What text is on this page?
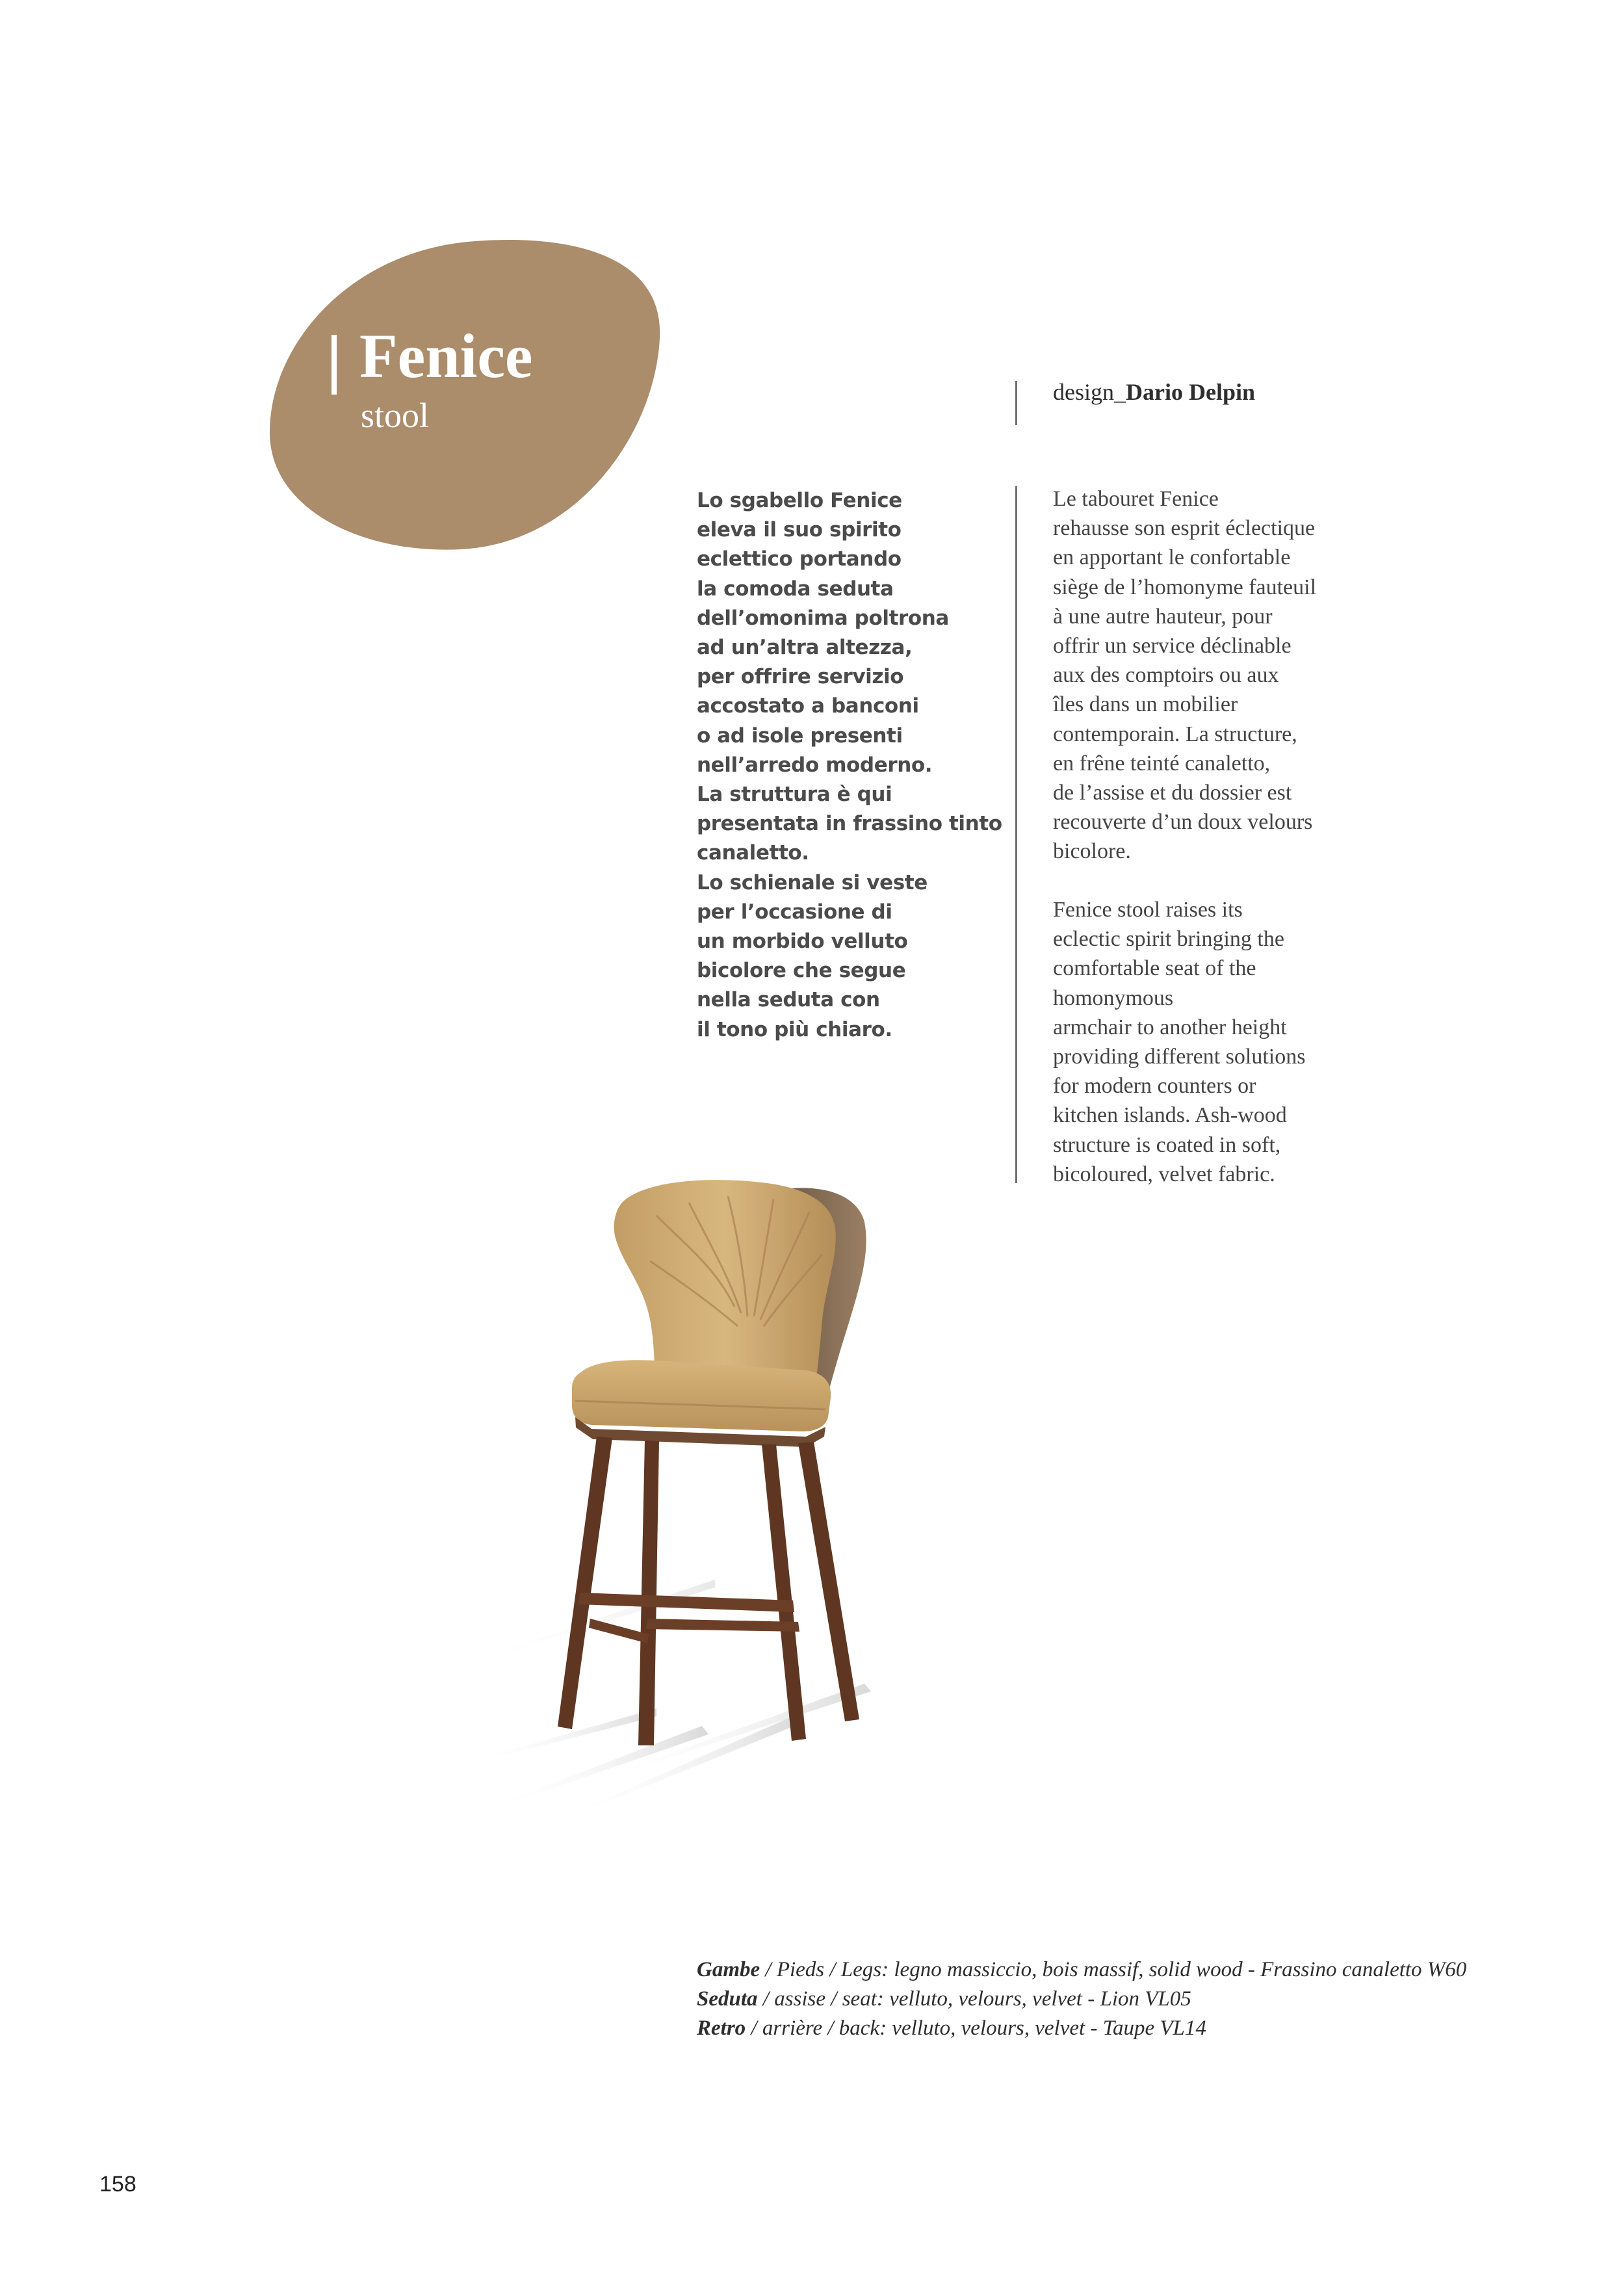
Fenice
stool
design_Dario Delpin
Lo sgabello Fenice
eleva il suo spirito
eclettico portando
la comoda seduta
dell’omonima poltrona
ad un’altra altezza,
per offrire servizio
accostato a banconi
o ad isole presenti
nell’arredo moderno.
La struttura è qui
presentata in frassino tinto
canaletto.
Lo schienale si veste
per l’occasione di
un morbido velluto
bicolore che segue
nella seduta con
il tono più chiaro.
Le tabouret Fenice
rehausse son esprit éclectique
en apportant le confortable
siège de l’homonyme fauteuil
à une autre hauteur, pour
offrir un service déclinable
aux des comptoirs ou aux
îles dans un mobilier
contemporain. La structure,
en frêne teinté canaletto,
de l’assise et du dossier est
recouverte d’un doux velours
bicolore.
Fenice stool raises its
eclectic spirit bringing the
comfortable seat of the
homonymous
armchair to another height
providing different solutions
for modern counters or
kitchen islands. Ash-wood
structure is coated in soft,
bicoloured, velvet fabric.
Gambe / Pieds / Legs: legno massiccio, bois massif, solid wood - Frassino canaletto W60
Seduta / assise / seat: velluto, velours, velvet - Lion VL05
Retro / arrière / back: velluto, velours, velvet - Taupe VL14
158
